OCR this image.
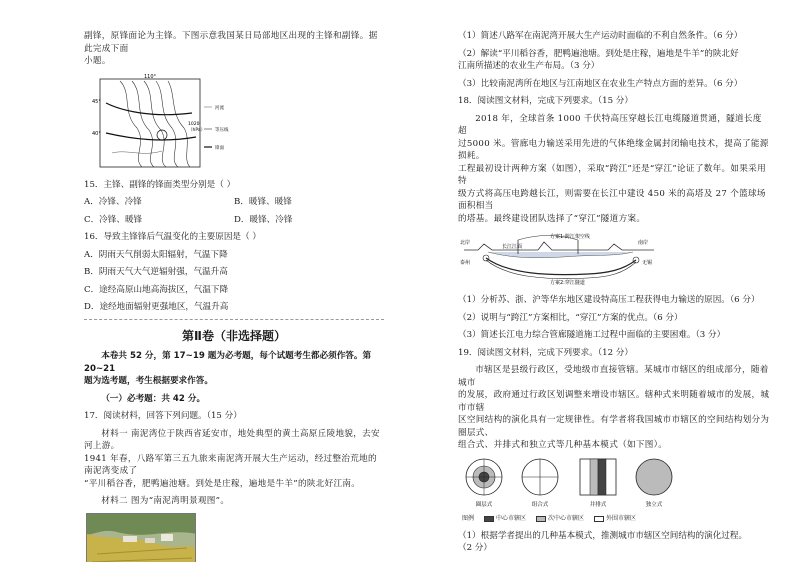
副锋，原锋面论为主锋。下图示意我国某日局部地区出现的主锋和副锋。据此完成下面
小题。
110°
45°
40°
河流
1020
（hPa） 等压线
锋面
15．主锋、副锋的锋面类型分别是（ ）
A．冷锋、冷锋	B．暖锋、暖锋
C．冷锋、暖锋	D．暖锋、冷锋
16．导致主锋锋后气温变化的主要原因是（ ）
A．阴雨天气削弱太阳辐射，气温下降
B．阴雨天气大气逆辐射强，气温升高
C．途经高原山地高海拔区，气温下降
D．途经地面辐射更强地区，气温升高
第Ⅱ卷（非选择题）
本卷共 52 分，第 17~19 题为必考题，每个试题考生都必须作答。第 20~21
题为选考题，考生根据要求作答。
（一）必考题：共 42 分。
17．阅读材料，回答下列问题。（15 分）
材料一 南泥湾位于陕西省延安市，地处典型的黄土高原丘陵地貌，去安河上游。
1941 年春，八路军第三五九旅来南泥湾开展大生产运动，经过整治荒地的南泥湾变成了
“平川稻谷香，肥鸭遍池塘。到处是庄稼，遍地是牛羊”的陕北好江南。
材料二 图为“南泥湾明景观图”。
（1）简述八路军在南泥湾开展大生产运动时面临的不利自然条件。（6 分）
（2）解读“平川稻谷香，肥鸭遍池塘。到处是庄稼，遍地是牛羊”的陕北好
江南所描述的农业生产布局。（3 分）
（3）比较南泥湾所在地区与江南地区在农业生产特点方面的差异。（6 分）
18．阅读图文材料，完成下列要求。（15 分）
2018 年，全球首条 1000 千伏特高压穿越长江电缆隧道贯通，隧道长度超
过5000 米。管廊电力输送采用先进的气体绝缘金属封闭输电技术，提高了能源损耗。
工程最初设计两种方案（如图），采取“跨江”还是“穿江”论证了数年。如果采用特
级方式将高压电跨越长江，则需要在长江中建设 450 米的高塔及 27 个篮球场面积相当
的塔基。最终建设团队选择了“穿江”隧道方案。
长江江面
方案1:跨江架空线
方案2:穿江隧道
泰州	无锡
北岸	南岸
（1）分析苏、浙、沪等华东地区建设特高压工程获得电力输送的原因。（6 分）
（2）说明与“跨江”方案相比，“穿江”方案的优点。（6 分）
（3）简述长江电力综合管廊隧道施工过程中面临的主要困难。（3 分）
19．阅读图文材料，完成下列要求。（12 分）
市辖区是县级行政区，受地级市直接管辖。某城市市辖区的组成部分，随着城市
的发展，政府通过行政区划调整来增设市辖区。辖种式来明随着城市的发展，城市市辖
区空间结构的演化具有一定规律性。有学者将我国城市市辖区的空间结构划分为圈层式、
组合式、并排式和独立式等几种基本模式（如下图）。
圈层式	组合式	并排式	独立式
图例	中心市辖区	次中心市辖区	外围市辖区
（1）根据学者提出的几种基本模式，推测城市市辖区空间结构的演化过程。
（2 分）
